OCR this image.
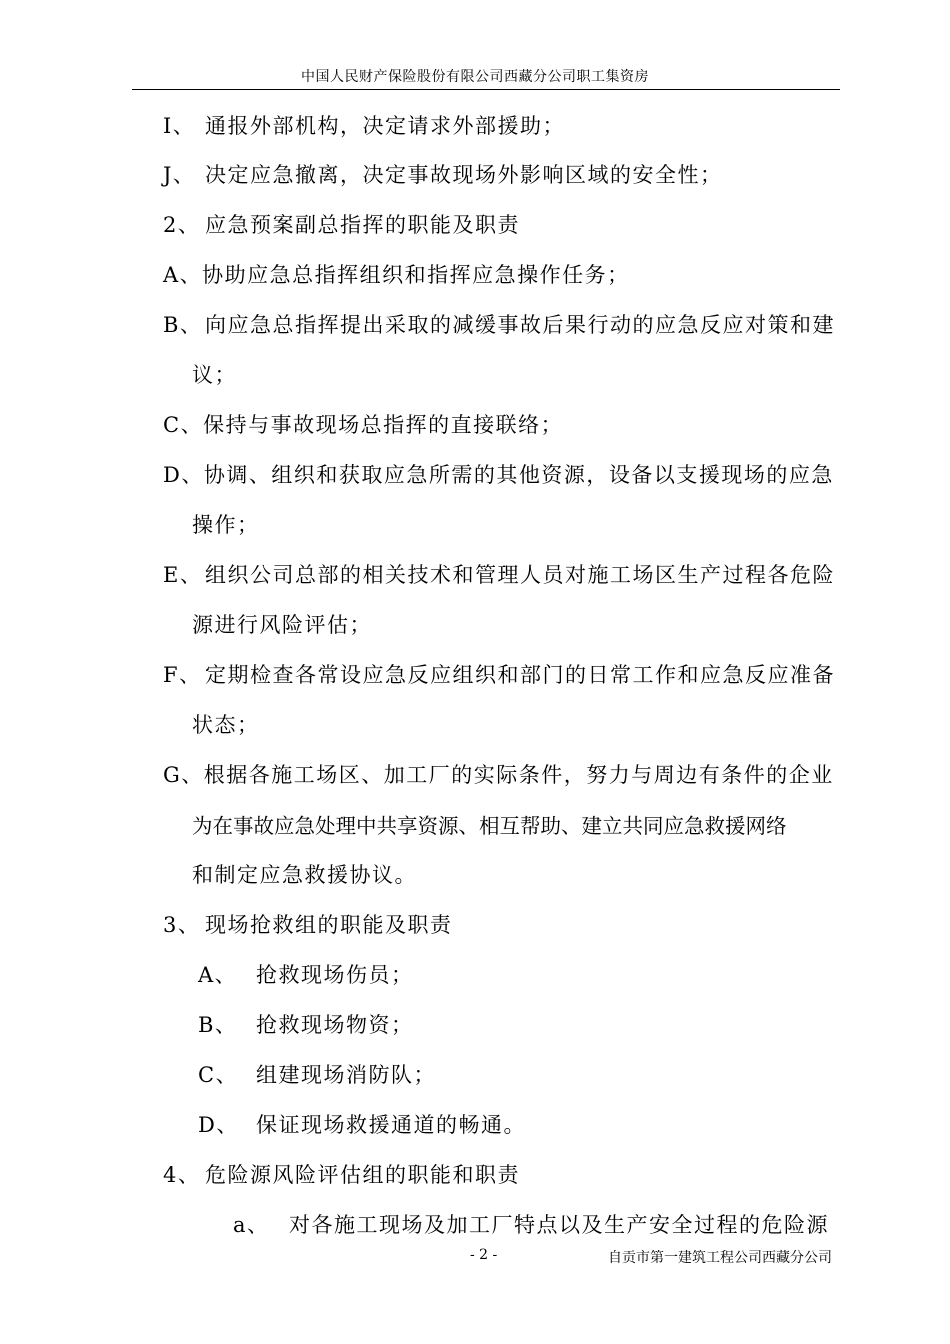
中国人民财产保险股份有限公司西藏分公司职工集资房
I、 通报外部机构，决定请求外部援助；
J、 决定应急撤离，决定事故现场外影响区域的安全性；
2、 应急预案副总指挥的职能及职责
A、协助应急总指挥组织和指挥应急操作任务；
B、 向应急总指挥提出采取的减缓事故后果行动的应急反应对策和建
议；
C、保持与事故现场总指挥的直接联络；
D、协调、组织和获取应急所需的其他资源，设备以支援现场的应急
操作；
E、 组织公司总部的相关技术和管理人员对施工场区生产过程各危险
源进行风险评估；
F、 定期检查各常设应急反应组织和部门的日常工作和应急反应准备
状态；
G、根据各施工场区、加工厂的实际条件，努力与周边有条件的企业
为在事故应急处理中共享资源、相互帮助、建立共同应急救援网络
和制定应急救援协议。
3、 现场抢救组的职能及职责
A、 抢救现场伤员；
B、 抢救现场物资；
C、 组建现场消防队；
D、 保证现场救援通道的畅通。
4、 危险源风险评估组的职能和职责
a、 对各施工现场及加工厂特点以及生产安全过程的危险源
- 2 -	自贡市第一建筑工程公司西藏分公司
